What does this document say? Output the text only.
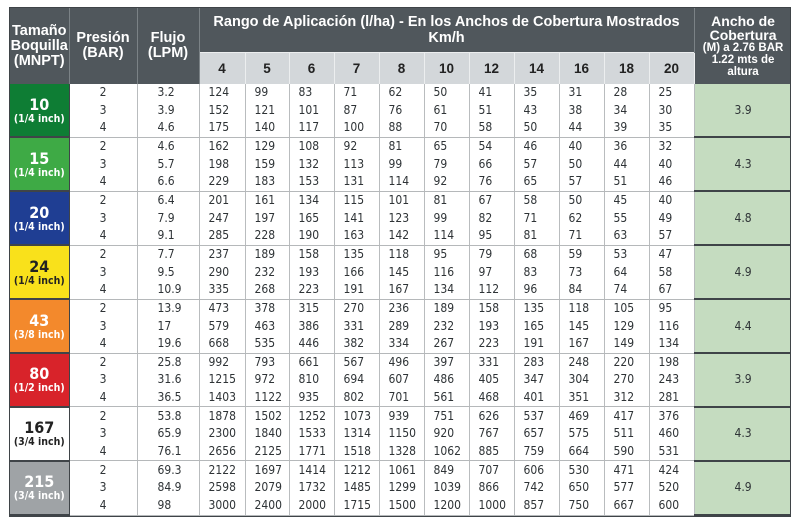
Tamaño
Boquilla
(MNPT)	Presión
(BAR)	Flujo
(LPM)	Rango de Aplicación (l/ha) - En los Anchos de Cobertura Mostrados
Km/h											Ancho de
Cobertura
(M) a 2.76 BAR
1.22 mts de altura

			4	5	6	7	8	10	12	14	16	18	20	

10
(1/4 inch)	2	3.2	124	99	83	71	62	50	41	35	31	28	25	3.9
	3	3.9	152	121	101	87	76	61	51	43	38	34	30	
	4	4.6	175	140	117	100	88	70	58	50	44	39	35	

15
(1/4 inch)	2	4.6	162	129	108	92	81	65	54	46	40	36	32	4.3
	3	5.7	198	159	132	113	99	79	66	57	50	44	40	
	4	6.6	229	183	153	131	114	92	76	65	57	51	46	

20
(1/4 inch)	2	6.4	201	161	134	115	101	81	67	58	50	45	40	4.8
	3	7.9	247	197	165	141	123	99	82	71	62	55	49	
	4	9.1	285	228	190	163	142	114	95	81	71	63	57	

24
(1/4 inch)	2	7.7	237	189	158	135	118	95	79	68	59	53	47	4.9
	3	9.5	290	232	193	166	145	116	97	83	73	64	58	
	4	10.9	335	268	223	191	167	134	112	96	84	74	67	

43
(3/8 inch)	2	13.9	473	378	315	270	236	189	158	135	118	105	95	4.4
	3	17	579	463	386	331	289	232	193	165	145	129	116	
	4	19.6	668	535	446	382	334	267	223	191	167	149	134	

80
(1/2 inch)	2	25.8	992	793	661	567	496	397	331	283	248	220	198	3.9
	3	31.6	1215	972	810	694	607	486	405	347	304	270	243	
	4	36.5	1403	1122	935	802	701	561	468	401	351	312	281	

167
(3/4 inch)	2	53.8	1878	1502	1252	1073	939	751	626	537	469	417	376	4.3
	3	65.9	2300	1840	1533	1314	1150	920	767	657	575	511	460	
	4	76.1	2656	2125	1771	1518	1328	1062	885	759	664	590	531	

215
(3/4 inch)	2	69.3	2122	1697	1414	1212	1061	849	707	606	530	471	424	4.9
	3	84.9	2598	2079	1732	1485	1299	1039	866	742	650	577	520	
	4	98	3000	2400	2000	1715	1500	1200	1000	857	750	667	600	
